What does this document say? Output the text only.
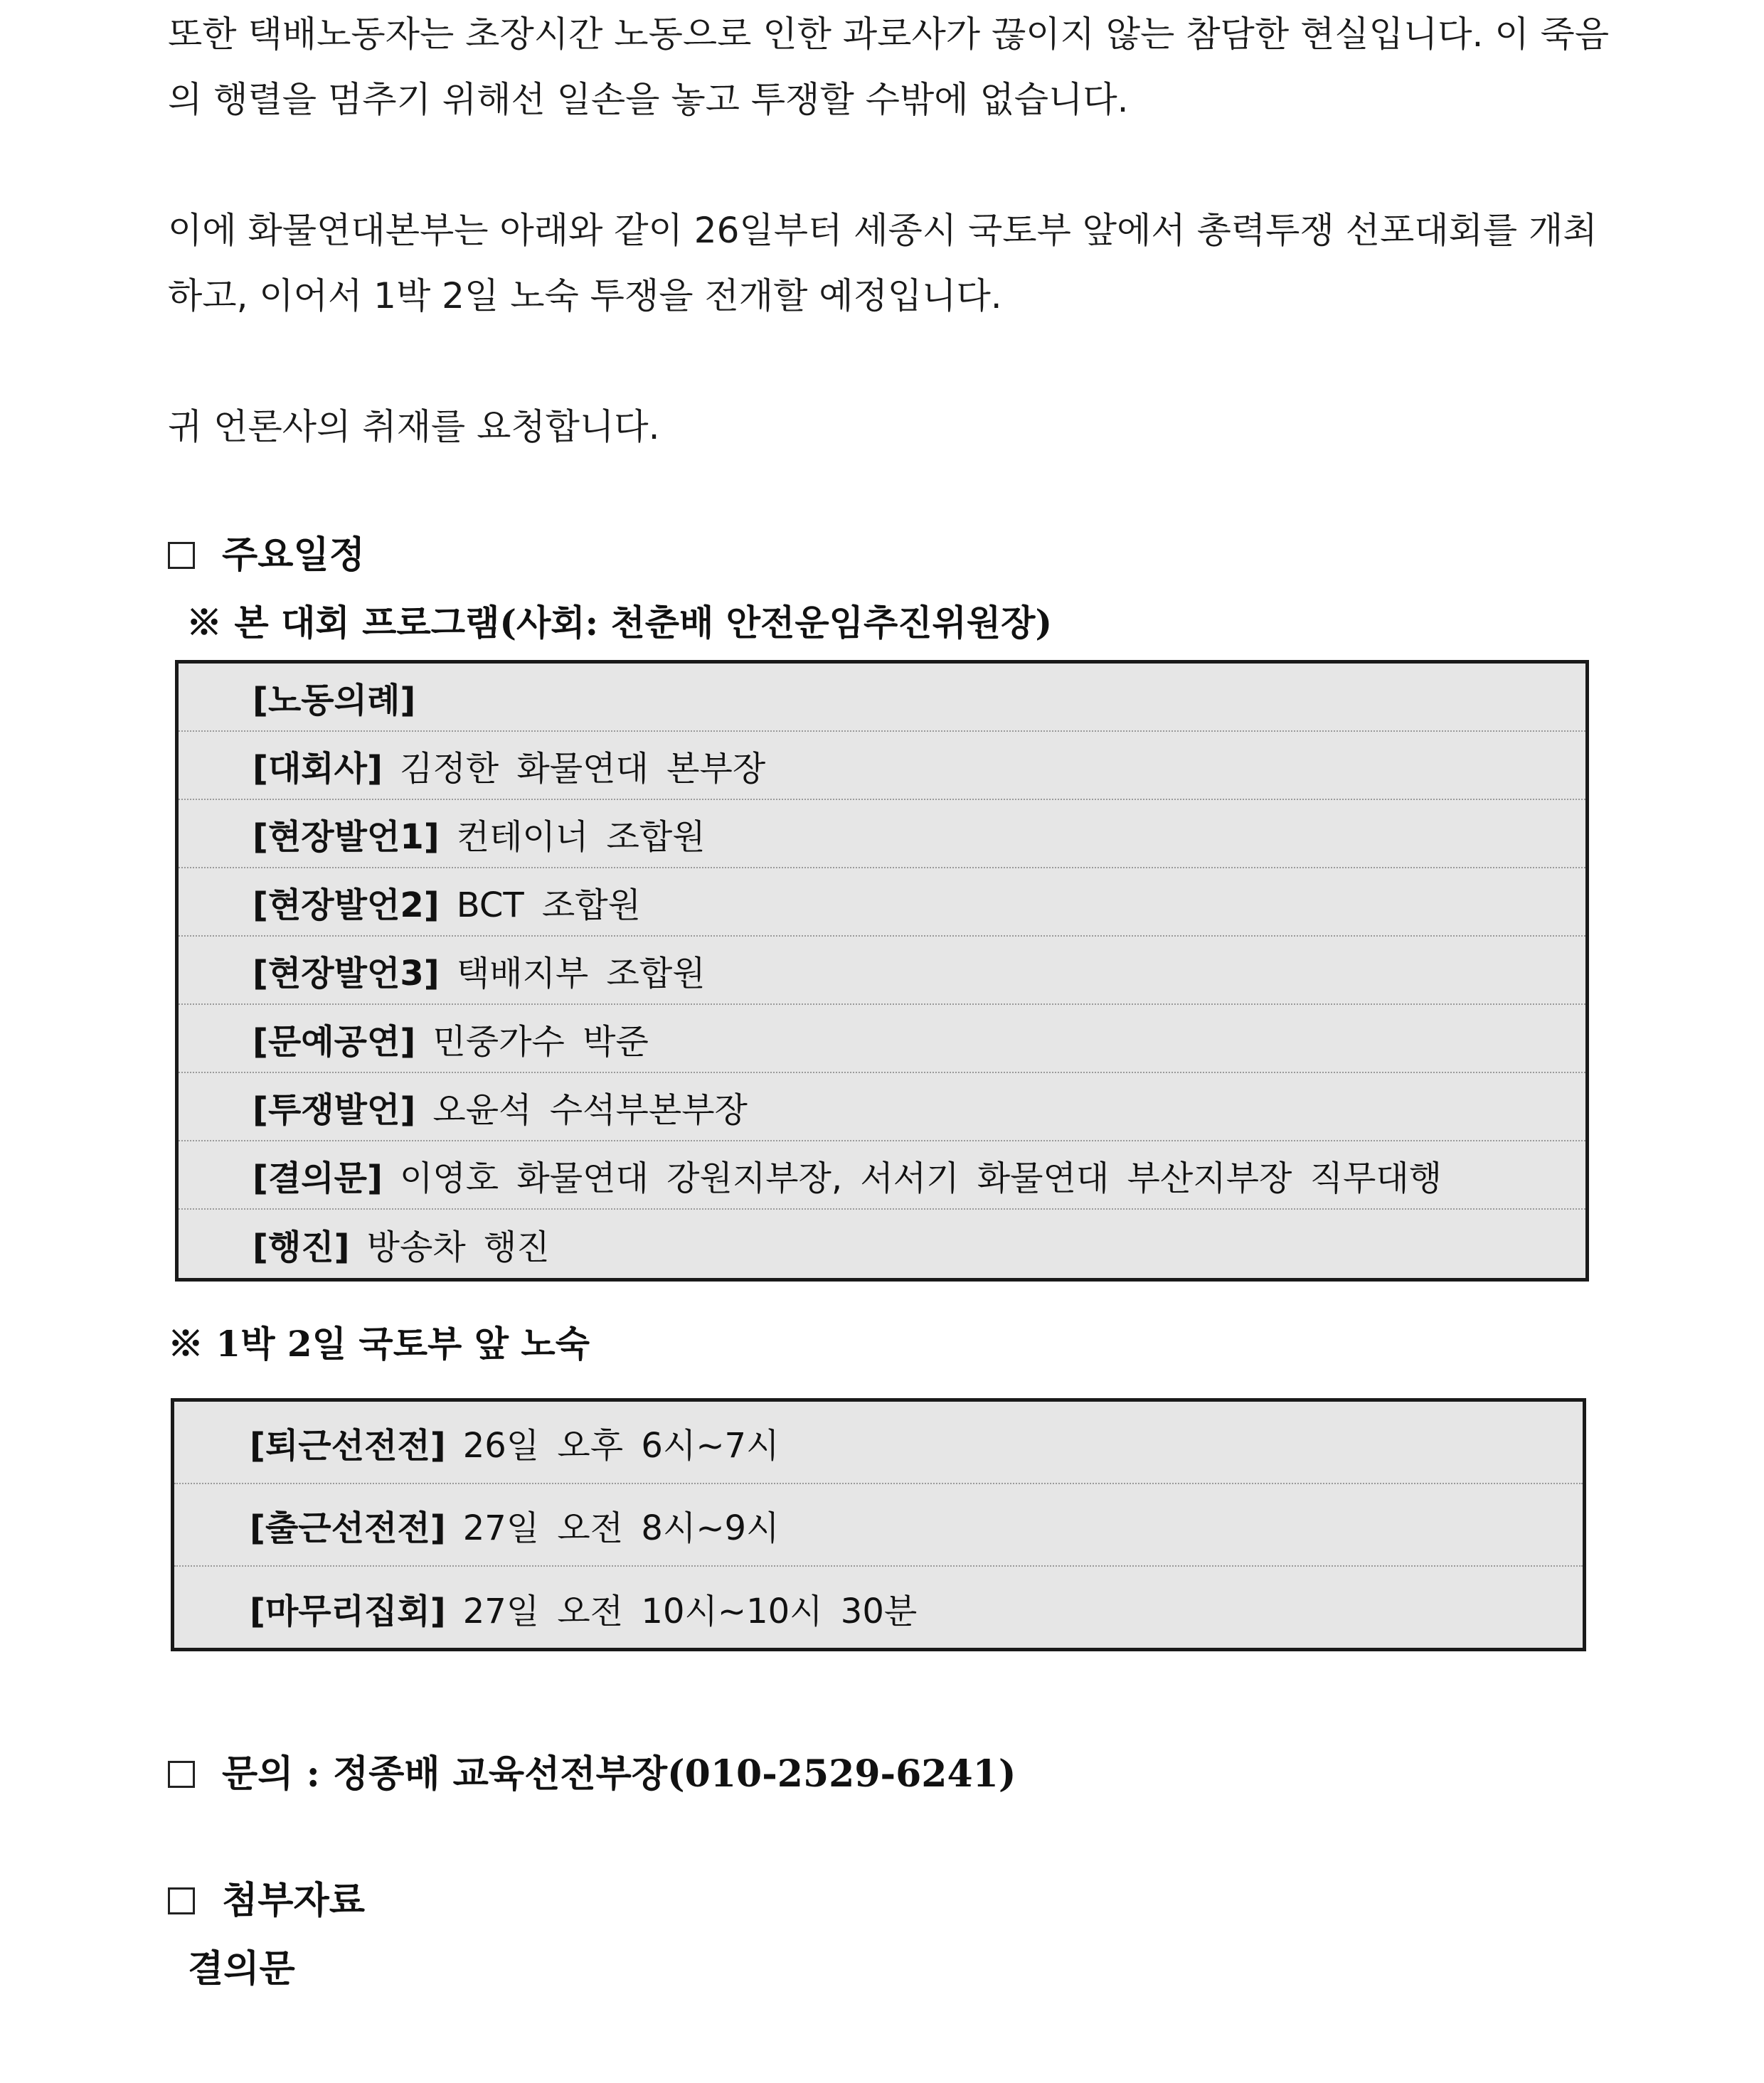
또한 택배노동자는 초장시간 노동으로 인한 과로사가 끊이지 않는 참담한 현실입니다. 이 죽음
의 행렬을 멈추기 위해선 일손을 놓고 투쟁할 수밖에 없습니다.
이에 화물연대본부는 아래와 같이 26일부터 세종시 국토부 앞에서 총력투쟁 선포대회를 개최
하고, 이어서 1박 2일 노숙 투쟁을 전개할 예정입니다.
귀 언론사의 취재를 요청합니다.
주요일정
※ 본 대회 프로그램(사회: 천춘배 안전운임추진위원장)
[노동의례]
[대회사] 김정한 화물연대 본부장
[현장발언1] 컨테이너 조합원
[현장발언2] BCT 조합원
[현장발언3] 택배지부 조합원
[문예공연] 민중가수 박준
[투쟁발언] 오윤석 수석부본부장
[결의문] 이영호 화물연대 강원지부장, 서서기 화물연대 부산지부장 직무대행
[행진] 방송차 행진
※ 1박 2일 국토부 앞 노숙
[퇴근선전전] 26일 오후 6시~7시
[출근선전전] 27일 오전 8시~9시
[마무리집회] 27일 오전 10시~10시 30분
문의 : 정종배 교육선전부장(010-2529-6241)
첨부자료
결의문
